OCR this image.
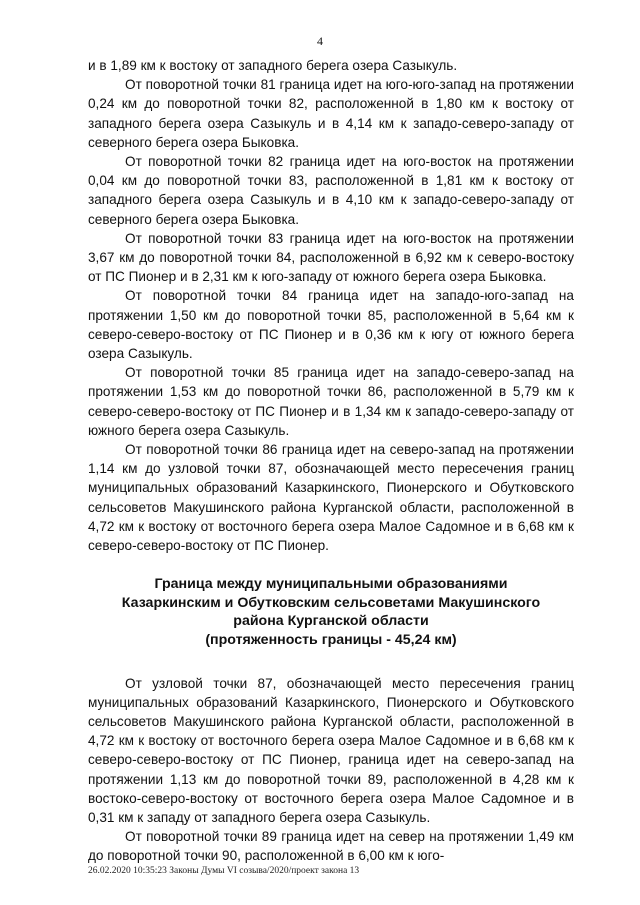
4

и в 1,89 км к востоку от западного берега озера Сазыкуль.

От поворотной точки 81 граница идет на юго-юго-запад на протяжении 0,24 км до поворотной точки 82, расположенной в 1,80 км к востоку от западного берега озера Сазыкуль и в 4,14 км к западо-северо-западу от северного берега озера Быковка.

От поворотной точки 82 граница идет на юго-восток на протяжении 0,04 км до поворотной точки 83, расположенной в 1,81 км к востоку от западного берега озера Сазыкуль и в 4,10 км к западо-северо-западу от северного берега озера Быковка.

От поворотной точки 83 граница идет на юго-восток на протяжении 3,67 км до поворотной точки 84, расположенной в 6,92 км к северо-востоку от ПС Пионер и в 2,31 км к юго-западу от южного берега озера Быковка.

От поворотной точки 84 граница идет на западо-юго-запад на протяжении 1,50 км до поворотной точки 85, расположенной в 5,64 км к северо-северо-востоку от ПС Пионер и в 0,36 км к югу от южного берега озера Сазыкуль.

От поворотной точки 85 граница идет на западо-северо-запад на протяжении 1,53 км до поворотной точки 86, расположенной в 5,79 км к северо-северо-востоку от ПС Пионер и в 1,34 км к западо-северо-западу от южного берега озера Сазыкуль.

От поворотной точки 86 граница идет на северо-запад на протяжении 1,14 км до узловой точки 87, обозначающей место пересечения границ муниципальных образований Казаркинского, Пионерского и Обутковского сельсоветов Макушинского района Курганской области, расположенной в 4,72 км к востоку от восточного берега озера Малое Садомное и в 6,68 км к северо-северо-востоку от ПС Пионер.

Граница между муниципальными образованиями
Казаркинским и Обутковским сельсоветами Макушинского
района Курганской области
(протяженность границы - 45,24 км)

От узловой точки 87, обозначающей место пересечения границ муниципальных образований Казаркинского, Пионерского и Обутковского сельсоветов Макушинского района Курганской области, расположенной в 4,72 км к востоку от восточного берега озера Малое Садомное и в 6,68 км к северо-северо-востоку от ПС Пионер, граница идет на северо-запад на протяжении 1,13 км до поворотной точки 89, расположенной в 4,28 км к востоко-северо-востоку от восточного берега озера Малое Садомное и в 0,31 км к западу от западного берега озера Сазыкуль.

От поворотной точки 89 граница идет на север на протяжении 1,49 км до поворотной точки 90, расположенной в 6,00 км к юго-

26.02.2020 10:35:23 Законы Думы VI созыва/2020/проект закона 13
